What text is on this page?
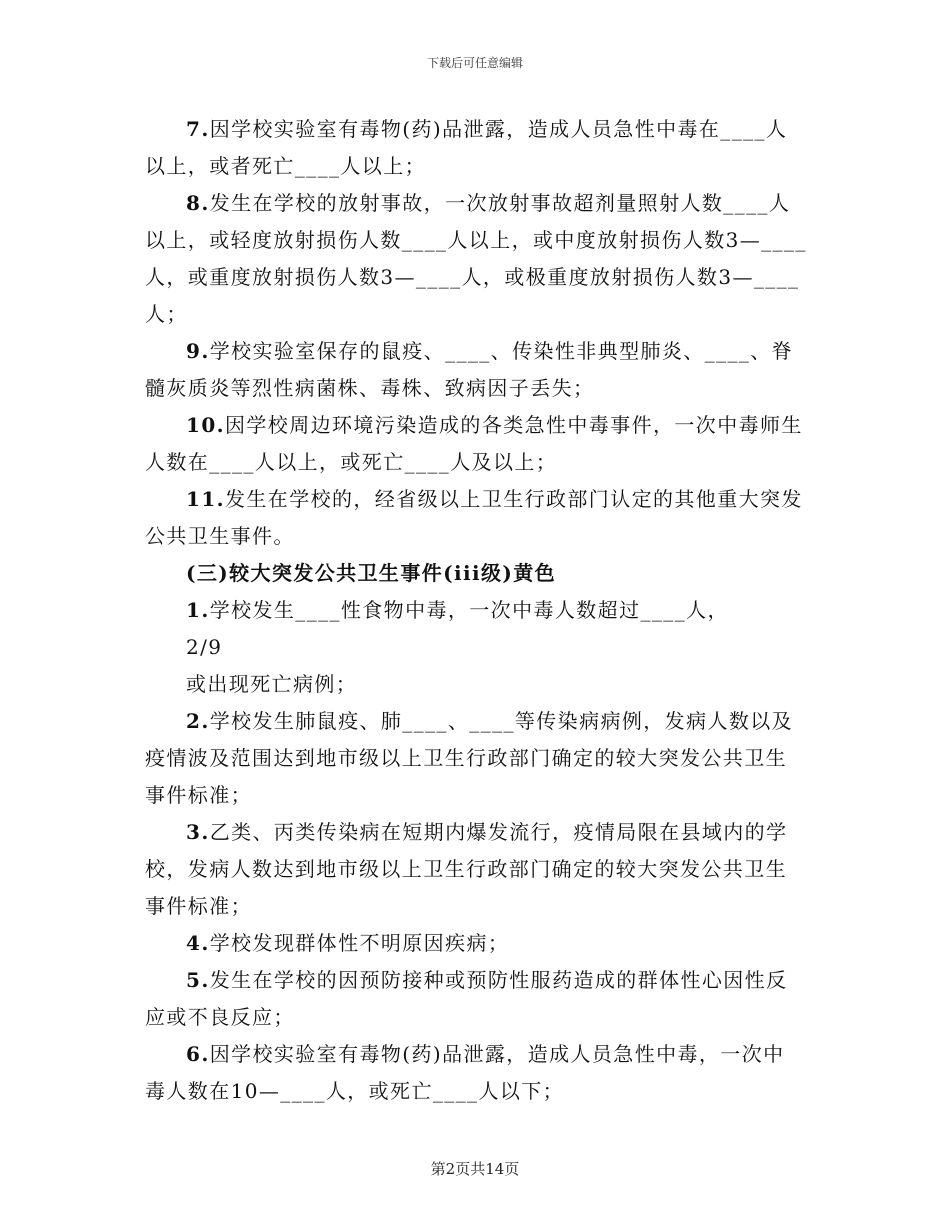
下载后可任意编辑
7.因学校实验室有毒物(药)品泄露，造成人员急性中毒在____人
以上，或者死亡____人以上；
8.发生在学校的放射事故，一次放射事故超剂量照射人数____人
以上，或轻度放射损伤人数____人以上，或中度放射损伤人数3—____
人，或重度放射损伤人数3—____人，或极重度放射损伤人数3—____
人；
9.学校实验室保存的鼠疫、____、传染性非典型肺炎、____、脊
髓灰质炎等烈性病菌株、毒株、致病因子丢失；
10.因学校周边环境污染造成的各类急性中毒事件，一次中毒师生
人数在____人以上，或死亡____人及以上；
11.发生在学校的，经省级以上卫生行政部门认定的其他重大突发
公共卫生事件。
(三)较大突发公共卫生事件(iii级)黄色
1.学校发生____性食物中毒，一次中毒人数超过____人，
2/9
或出现死亡病例；
2.学校发生肺鼠疫、肺____、____等传染病病例，发病人数以及
疫情波及范围达到地市级以上卫生行政部门确定的较大突发公共卫生
事件标准；
3.乙类、丙类传染病在短期内爆发流行，疫情局限在县域内的学
校，发病人数达到地市级以上卫生行政部门确定的较大突发公共卫生
事件标准；
4.学校发现群体性不明原因疾病；
5.发生在学校的因预防接种或预防性服药造成的群体性心因性反
应或不良反应；
6.因学校实验室有毒物(药)品泄露，造成人员急性中毒，一次中
毒人数在10—____人，或死亡____人以下；
第2页共14页
